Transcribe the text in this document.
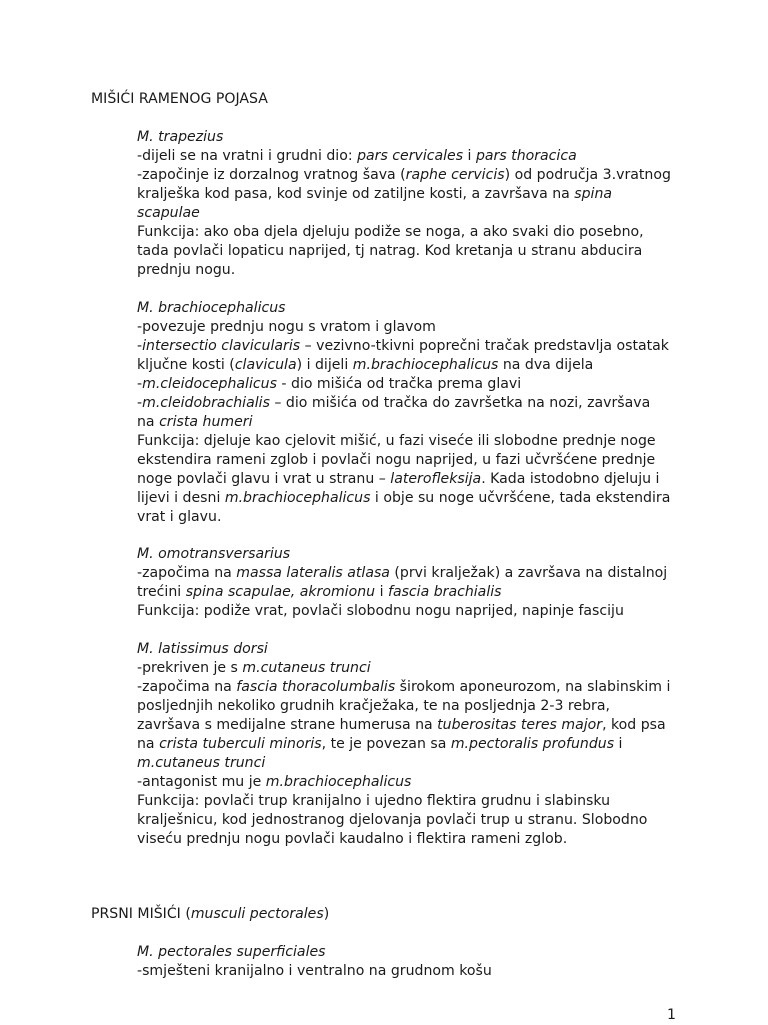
MIŠIĆI RAMENOG POJASA
M. trapezius
-dijeli se na vratni i grudni dio: pars cervicales i pars thoracica
-započinje iz dorzalnog vratnog šava (raphe cervicis) od područja 3.vratnog
kralješka kod pasa, kod svinje od zatiljne kosti, a završava na spina
scapulae
Funkcija: ako oba djela djeluju podiže se noga, a ako svaki dio posebno,
tada povlači lopaticu naprijed, tj natrag. Kod kretanja u stranu abducira
prednju nogu.
M. brachiocephalicus
-povezuje prednju nogu s vratom i glavom
-intersectio clavicularis – vezivno-tkivni poprečni tračak predstavlja ostatak
ključne kosti (clavicula) i dijeli m.brachiocephalicus na dva dijela
-m.cleidocephalicus - dio mišića od tračka prema glavi
-m.cleidobrachialis – dio mišića od tračka do završetka na nozi, završava
na crista humeri
Funkcija: djeluje kao cjelovit mišić, u fazi viseće ili slobodne prednje noge
ekstendira rameni zglob i povlači nogu naprijed, u fazi učvršćene prednje
noge povlači glavu i vrat u stranu – laterofleksija. Kada istodobno djeluju i
lijevi i desni m.brachiocephalicus i obje su noge učvršćene, tada ekstendira
vrat i glavu.
M. omotransversarius
-započima na massa lateralis atlasa (prvi kralježak) a završava na distalnoj
trećini spina scapulae, akromionu i fascia brachialis
Funkcija: podiže vrat, povlači slobodnu nogu naprijed, napinje fasciju
M. latissimus dorsi
-prekriven je s m.cutaneus trunci
-započima na fascia thoracolumbalis širokom aponeurozom, na slabinskim i
posljednjih nekoliko grudnih kračježaka, te na posljednja 2-3 rebra,
završava s medijalne strane humerusa na tuberositas teres major, kod psa
na crista tuberculi minoris, te je povezan sa m.pectoralis profundus i
m.cutaneus trunci
-antagonist mu je m.brachiocephalicus
Funkcija: povlači trup kranijalno i ujedno flektira grudnu i slabinsku
kralješnicu, kod jednostranog djelovanja povlači trup u stranu. Slobodno
viseću prednju nogu povlači kaudalno i flektira rameni zglob.
PRSNI MIŠIĆI (musculi pectorales)
M. pectorales superficiales
-smješteni kranijalno i ventralno na grudnom košu
1
